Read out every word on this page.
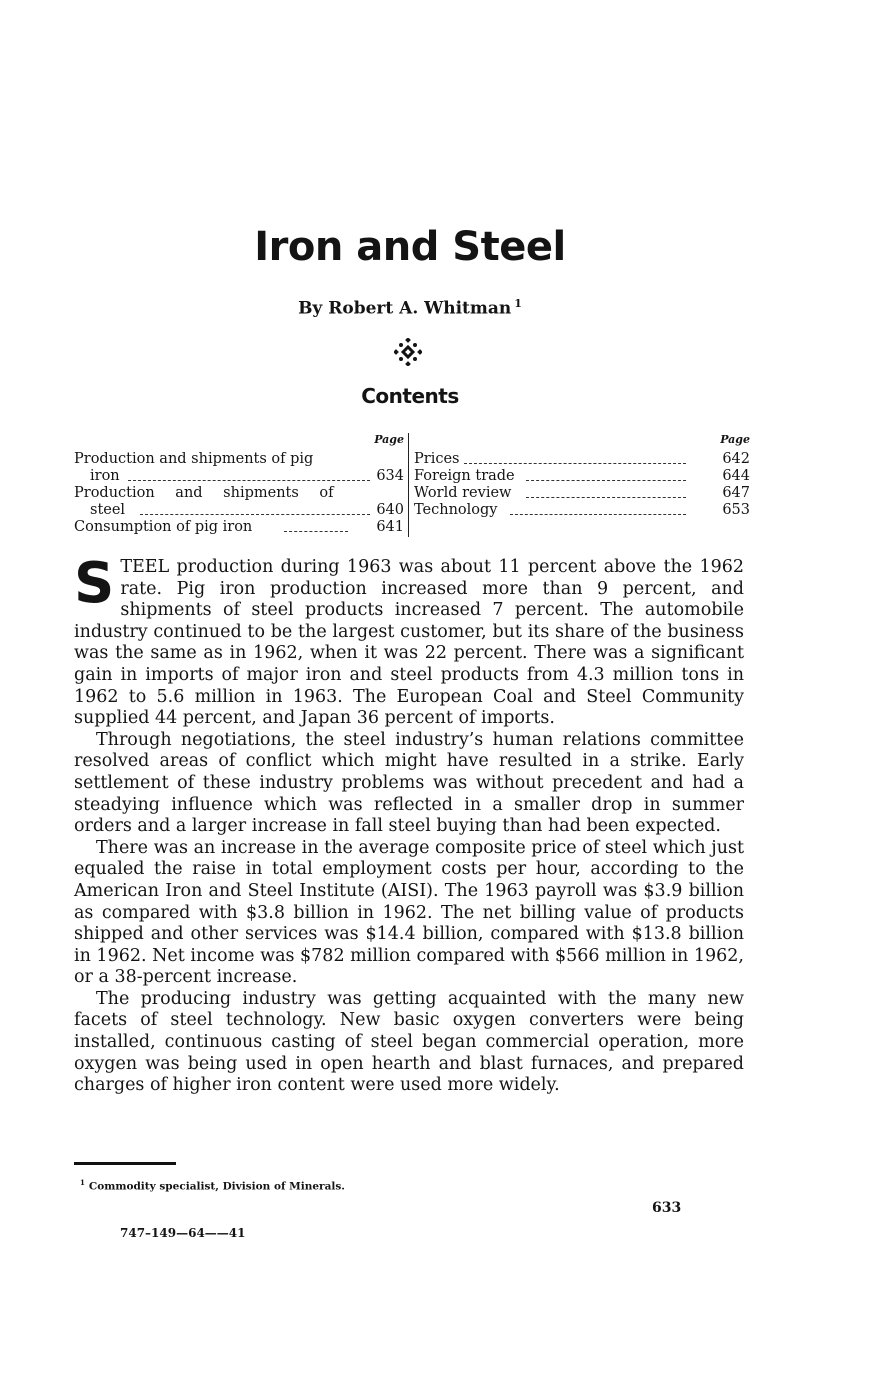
Iron and Steel
By Robert A. Whitman $^1$
Contents
Page
Production and shipments of pig
iron	634
Production and shipments of
steel	640
Consumption of pig iron	641
Page
Prices	642
Foreign trade	644
World review	647
Technology	653

STEEL production during 1963 was about 11 percent above the 1962 rate. Pig iron production increased more than 9 percent, and shipments of steel products increased 7 percent. The automobile industry continued to be the largest customer, but its share of the business was the same as in 1962, when it was 22 percent. There was a significant gain in imports of major iron and steel products from 4.3 million tons in 1962 to 5.6 million in 1963. The European Coal and Steel Community supplied 44 percent, and Japan 36 percent of imports.

Through negotiations, the steel industry’s human relations committee resolved areas of conflict which might have resulted in a strike. Early settlement of these industry problems was without precedent and had a steadying influence which was reflected in a smaller drop in summer orders and a larger increase in fall steel buying than had been expected.

There was an increase in the average composite price of steel which just equaled the raise in total employment costs per hour, according to the American Iron and Steel Institute (AISI). The 1963 payroll was $3.9 billion as compared with $3.8 billion in 1962. The net billing value of products shipped and other services was $14.4 billion, compared with $13.8 billion in 1962. Net income was $782 million compared with $566 million in 1962, or a 38-percent increase.

The producing industry was getting acquainted with the many new facets of steel technology. New basic oxygen converters were being installed, continuous casting of steel began commercial operation, more oxygen was being used in open hearth and blast furnaces, and prepared charges of higher iron content were used more widely.

$^1$ Commodity specialist, Division of Minerals.
633
747–149—64——41
